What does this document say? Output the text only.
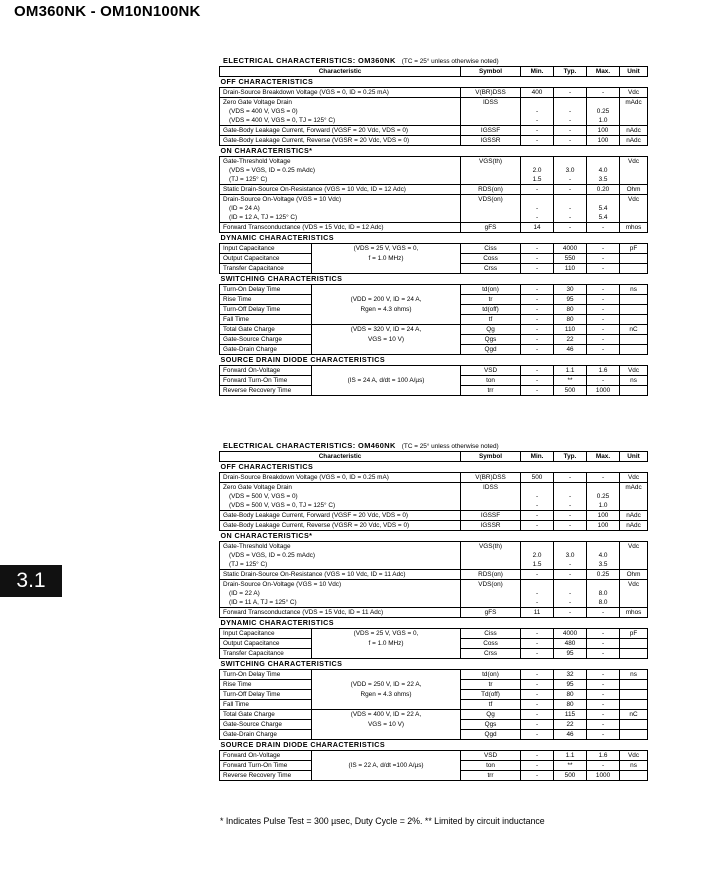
OM360NK - OM10N100NK
3.1
ELECTRICAL CHARACTERISTICS: OM360NK (TC = 25° unless otherwise noted)
Characteristic		Symbol	Min.	Typ.	Max.	Unit
OFF CHARACTERISTICS						
Drain-Source Breakdown Voltage (VGS = 0, ID = 0.25 mA)		V(BR)DSS	400	-	-	Vdc
Zero Gate Voltage Drain		IDSS				mAdc
(VDS = 400 V, VGS = 0)			-	-	0.25	
(VDS = 400 V, VGS = 0, TJ = 125° C)			-	-	1.0	
Gate-Body Leakage Current, Forward (VGSF = 20 Vdc, VDS = 0)		IGSSF	-	-	100	nAdc
Gate-Body Leakage Current, Reverse (VGSR = 20 Vdc, VDS = 0)		IGSSR	-	-	100	nAdc
ON CHARACTERISTICS*						
Gate-Threshold Voltage		VGS(th)				Vdc
(VDS = VGS, ID = 0.25 mAdc)			2.0	3.0	4.0	
(TJ = 125° C)			1.5	-	3.5	
Static Drain-Source On-Resistance (VGS = 10 Vdc, ID = 12 Adc)		RDS(on)	-	-	0.20	Ohm
Drain-Source On-Voltage (VGS = 10 Vdc)		VDS(on)				Vdc
(ID = 24 A)			-	-	5.4	
(ID = 12 A, TJ = 125° C)			-	-	5.4	
Forward Transconductance (VDS = 15 Vdc, ID = 12 Adc)		gFS	14	-	-	mhos
DYNAMIC CHARACTERISTICS						
Input Capacitance	(VDS = 25 V, VGS = 0,	Ciss	-	4000	-	pF
Output Capacitance	f = 1.0 MHz)	Coss	-	550	-	
Transfer Capacitance		Crss	-	110	-	
SWITCHING CHARACTERISTICS						
Turn-On Delay Time		td(on)	-	30	-	ns
Rise Time	(VDD = 200 V, ID = 24 A,	tr	-	95	-	
Turn-Off Delay Time	Rgen = 4.3 ohms)	td(off)	-	80	-	
Fall Time		tf	-	80	-	
Total Gate Charge	(VDS = 320 V, ID = 24 A,	Qg	-	110	-	nC
Gate-Source Charge	VGS = 10 V)	Qgs	-	22	-	
Gate-Drain Charge		Qgd	-	46	-	
SOURCE DRAIN DIODE CHARACTERISTICS						
Forward On-Voltage		VSD	-	1.1	1.6	Vdc
Forward Turn-On Time	(IS = 24 A, d/dt = 100 A/µs)	ton	-	**	-	ns
Reverse Recovery Time		trr	-	500	1000	
ELECTRICAL CHARACTERISTICS: OM460NK (TC = 25° unless otherwise noted)
Characteristic		Symbol	Min.	Typ.	Max.	Unit
OFF CHARACTERISTICS						
Drain-Source Breakdown Voltage (VGS = 0, ID = 0.25 mA)		V(BR)DSS	500	-	-	Vdc
Zero Gate Voltage Drain		IDSS				mAdc
(VDS = 500 V, VGS = 0)			-	-	0.25	
(VDS = 500 V, VGS = 0, TJ = 125° C)			-	-	1.0	
Gate-Body Leakage Current, Forward (VGSF = 20 Vdc, VDS = 0)		IGSSF	-	-	100	nAdc
Gate-Body Leakage Current, Reverse (VGSR = 20 Vdc, VDS = 0)		IGSSR	-	-	100	nAdc
ON CHARACTERISTICS*						
Gate-Threshold Voltage		VGS(th)				Vdc
(VDS = VGS, ID = 0.25 mAdc)			2.0	3.0	4.0	
(TJ = 125° C)			1.5	-	3.5	
Static Drain-Source On-Resistance (VGS = 10 Vdc, ID = 11 Adc)		RDS(on)	-	-	0.25	Ohm
Drain-Source On-Voltage (VGS = 10 Vdc)		VDS(on)				Vdc
(ID = 22 A)			-	-	8.0	
(ID = 11 A, TJ = 125° C)			-	-	8.0	
Forward Transconductance (VDS = 15 Vdc, ID = 11 Adc)		gFS	11	-	-	mhos
DYNAMIC CHARACTERISTICS						
Input Capacitance	(VDS = 25 V, VGS = 0,	Ciss	-	4000	-	pF
Output Capacitance	f = 1.0 MHz)	Coss	-	480	-	
Transfer Capacitance		Crss	-	95	-	
SWITCHING CHARACTERISTICS						
Turn-On Delay Time		td(on)	-	32	-	ns
Rise Time	(VDD = 250 V, ID = 22 A,	tr	-	95	-	
Turn-Off Delay Time	Rgen = 4.3 ohms)	Td(off)	-	80	-	
Fall Time		tf	-	80	-	
Total Gate Charge	(VDS = 400 V, ID = 22 A,	Qg	-	115	-	nC
Gate-Source Charge	VGS = 10 V)	Qgs	-	22	-	
Gate-Drain Charge		Qgd	-	46	-	
SOURCE DRAIN DIODE CHARACTERISTICS						
Forward On-Voltage		VSD	-	1.1	1.6	Vdc
Forward Turn-On Time	(IS = 22 A, d/dt =100 A/µs)	ton	-	**	-	ns
Reverse Recovery Time		trr	-	500	1000	
* Indicates Pulse Test = 300 µsec, Duty Cycle = 2%. ** Limited by circuit inductance
